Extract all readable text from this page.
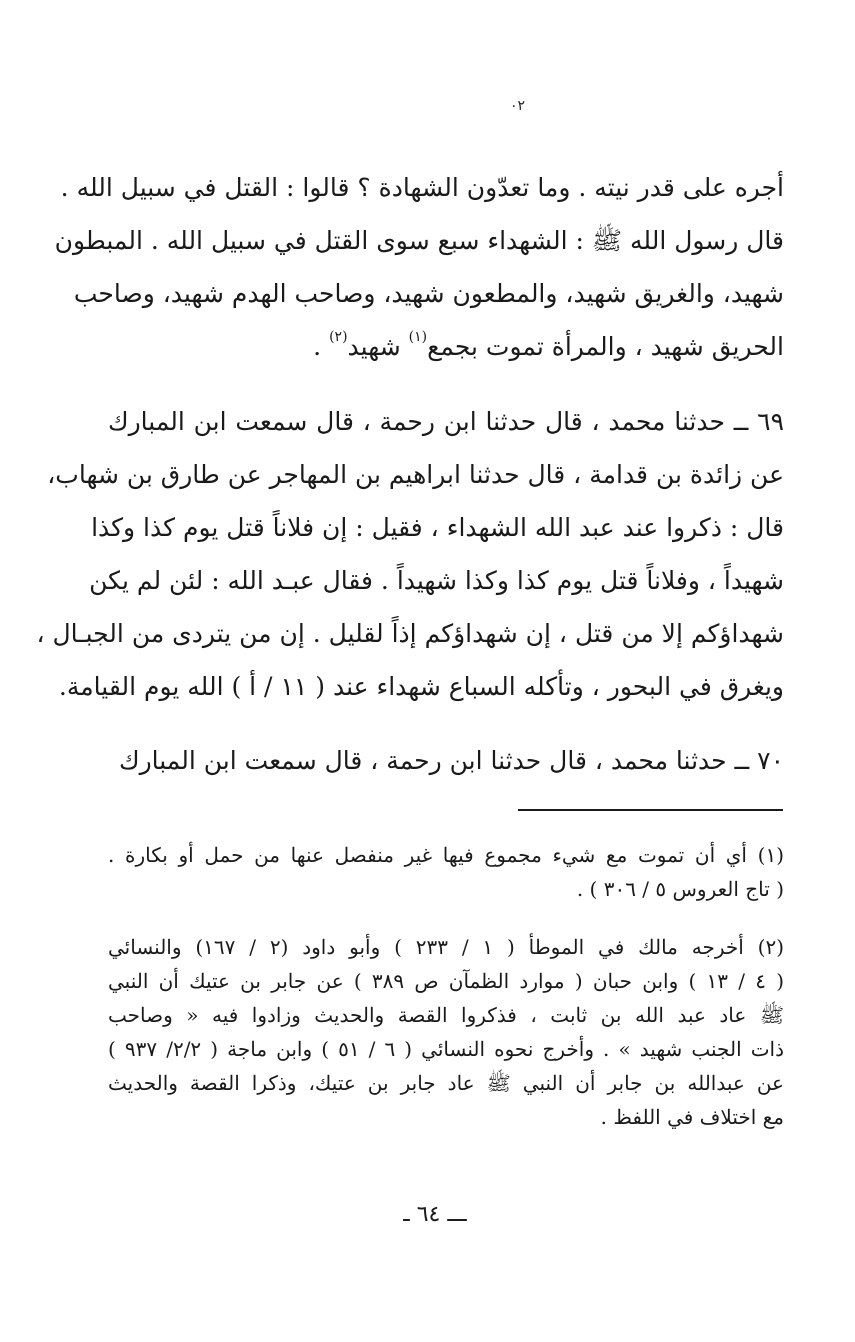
٠٢
أجره على قدر نيته . وما تعدّون الشهادة ؟ قالوا : القتل في سبيل الله .
قال رسول الله ﷺ : الشهداء سبع سوى القتل في سبيل الله . المبطون
شهيد، والغريق شهيد، والمطعون شهيد، وصاحب الهدم شهيد، وصاحب
الحريق شهيد ، والمرأة تموت بجمع$^{(١)}$ شهيد$^{(٢)}$ .
٦٩ ــ حدثنا محمد ، قال حدثنا ابن رحمة ، قال سمعت ابن المبارك
عن زائدة بن قدامة ، قال حدثنا ابراهيم بن المهاجر عن طارق بن شهاب،
قال : ذكروا عند عبد الله الشهداء ، فقيل : إن فلاناً قتل يوم كذا وكذا
شهيداً ، وفلاناً قتل يوم كذا وكذا شهيداً . فقال عبـد الله : لئن لم يكن
شهداؤكم إلا من قتل ، إن شهداؤكم إذاً لقليل . إن من يتردى من الجبـال ،
ويغرق في البحور ، وتأكله السباع شهداء عند ( ١١ / أ ) الله يوم القيامة.
٧٠ ــ حدثنا محمد ، قال حدثنا ابن رحمة ، قال سمعت ابن المبارك
(١) أي أن تموت مع شيء مجموع فيها غير منفصل عنها من حمل أو بكارة .
( تاج العروس ٥ / ٣٠٦ ) .
(٢) أخرجه مالك في الموطأ ( ١ / ٢٣٣ ) وأبو داود (٢ / ١٦٧) والنسائي
( ٤ / ١٣ ) وابن حبان ( موارد الظمآن ص ٣٨٩ ) عن جابر بن عتيك أن النبي
ﷺ عاد عبد الله بن ثابت ، فذكروا القصة والحديث وزادوا فيه « وصاحب
ذات الجنب شهيد » . وأخرج نحوه النسائي ( ٦ / ٥١ ) وابن ماجة ( ٢/٢/ ٩٣٧ )
عن عبدالله بن جابر أن النبي ﷺ عاد جابر بن عتيك، وذكرا القصة والحديث
مع اختلاف في اللفظ .
ـــ ٦٤ ـ
